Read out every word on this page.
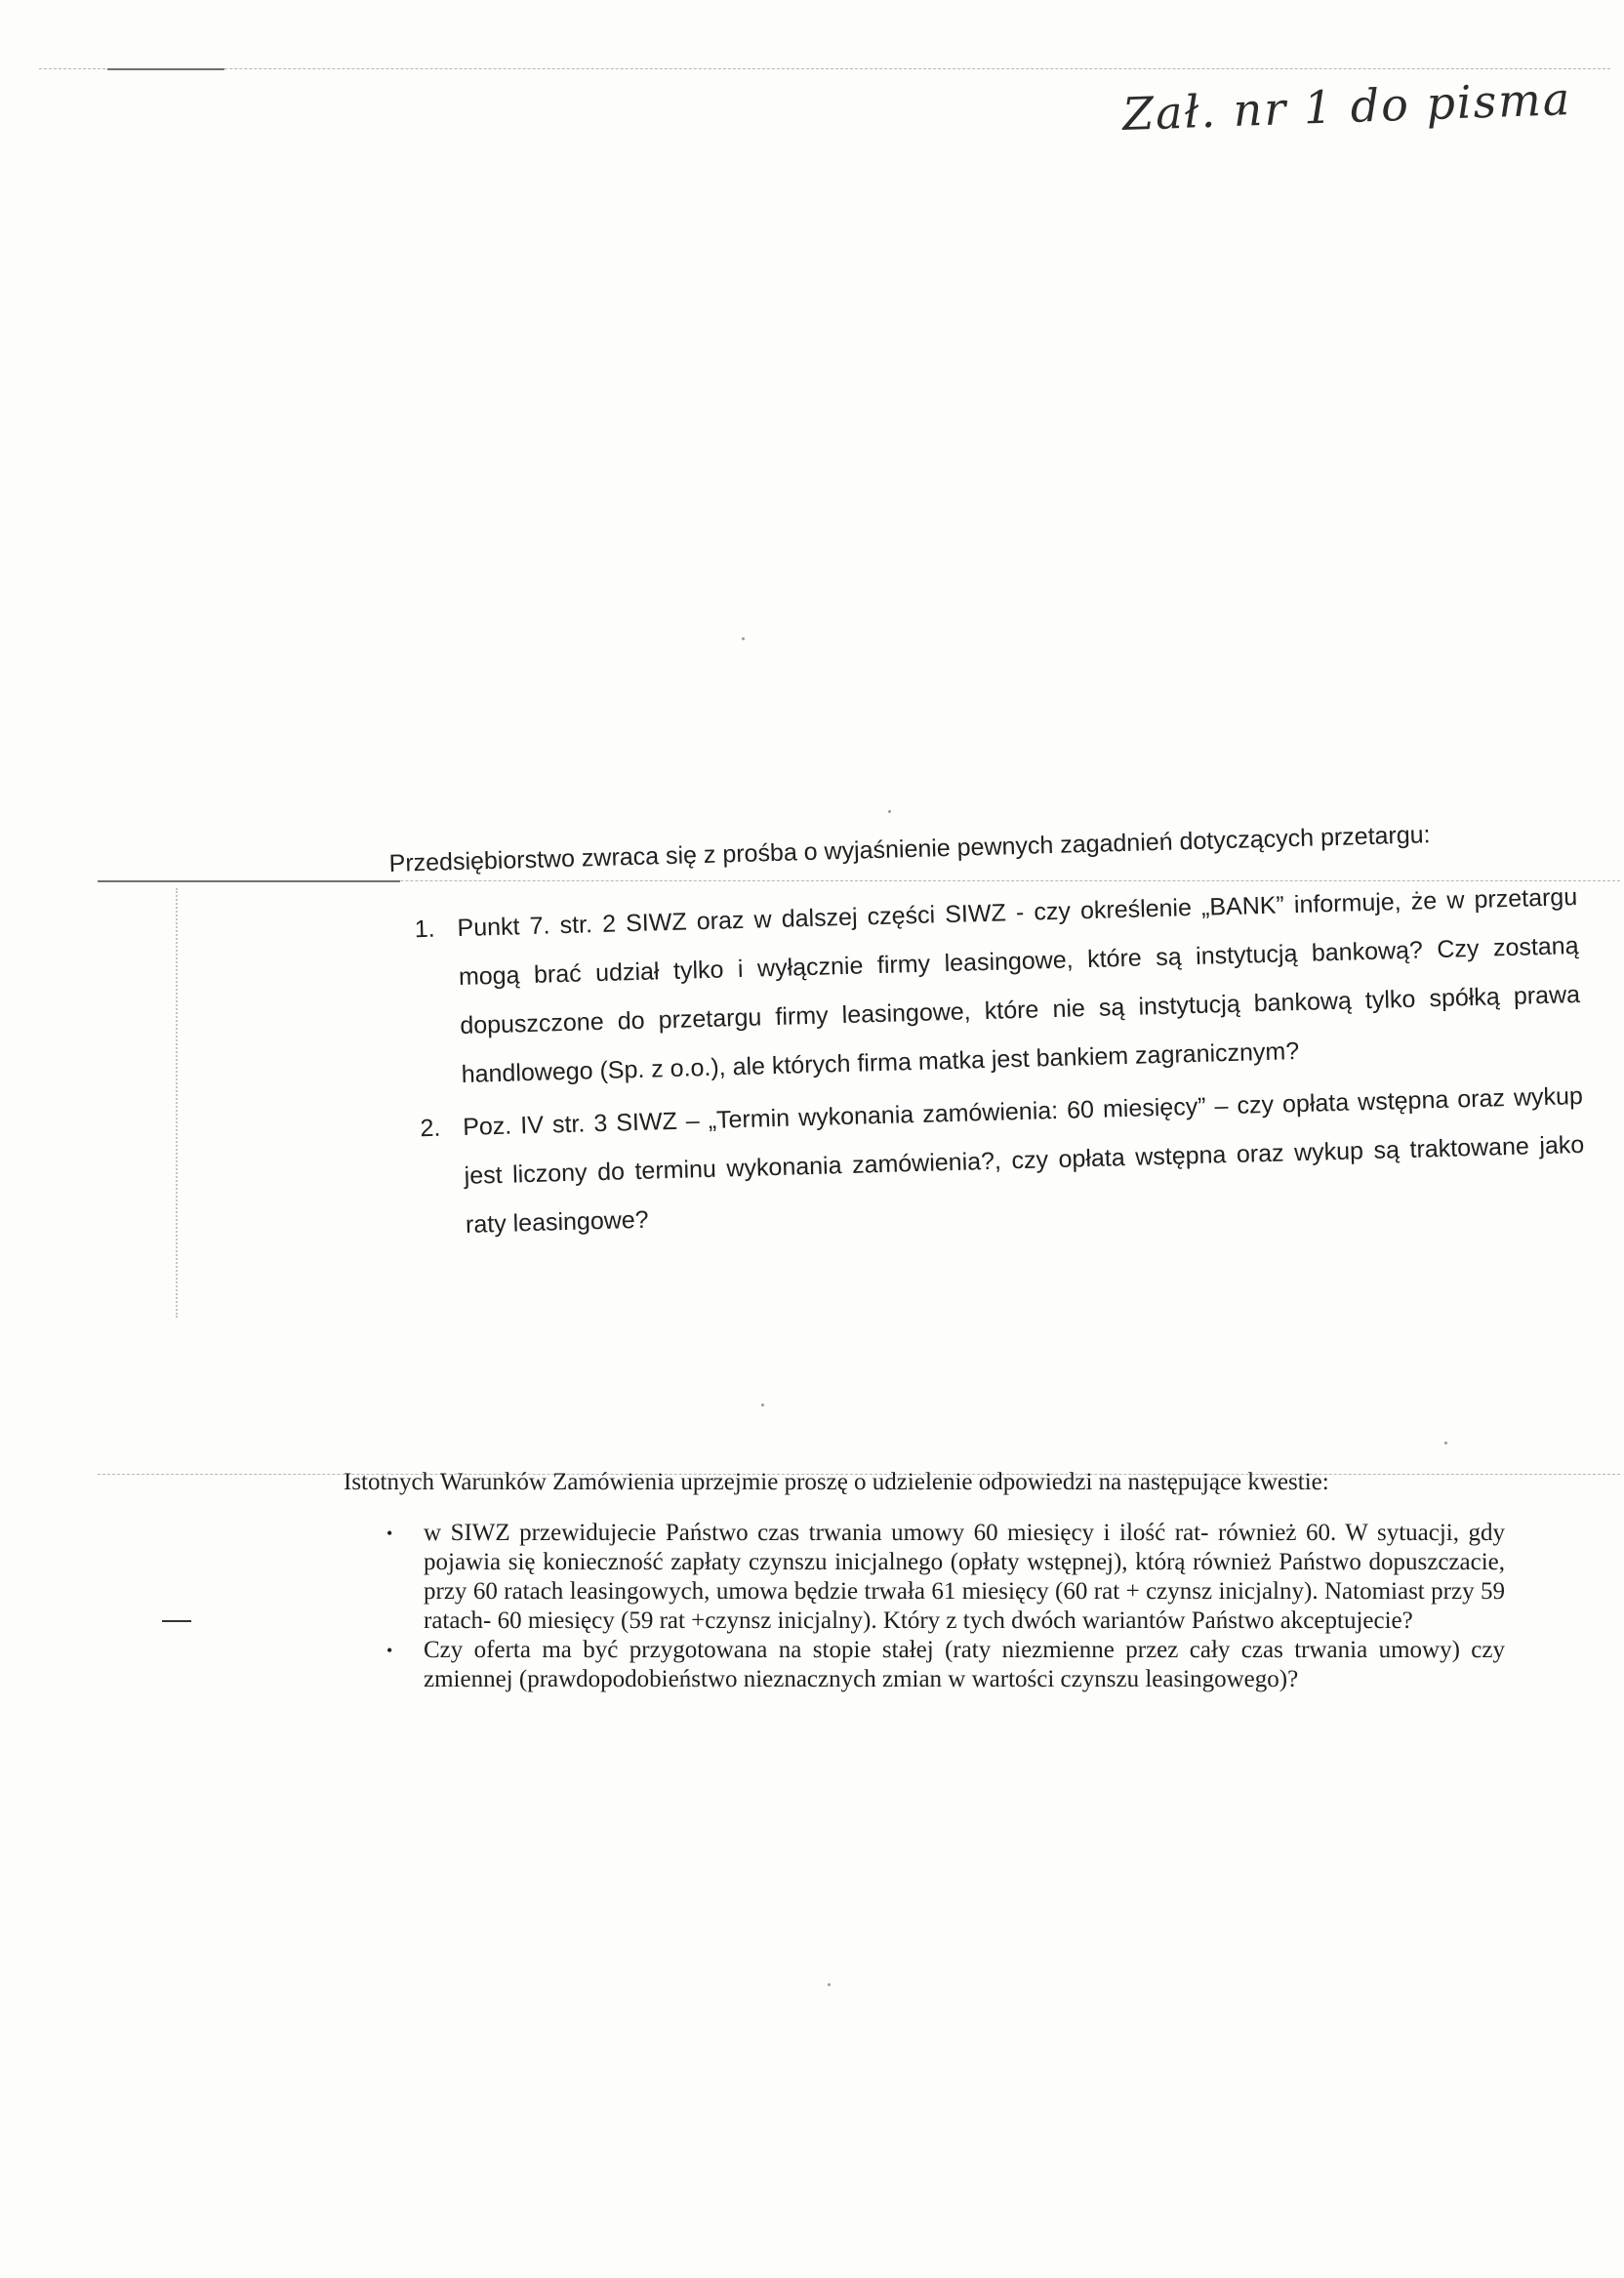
Zał. nr 1 do pisma

Przedsiębiorstwo zwraca się z prośba o wyjaśnienie pewnych zagadnień dotyczących przetargu:

1. Punkt 7. str. 2 SIWZ oraz w dalszej części SIWZ - czy określenie „BANK” informuje, że w przetargu mogą brać udział tylko i wyłącznie firmy leasingowe, które są instytucją bankową? Czy zostaną dopuszczone do przetargu firmy leasingowe, które nie są instytucją bankową tylko spółką prawa handlowego (Sp. z o.o.), ale których firma matka jest bankiem zagranicznym?
2. Poz. IV str. 3 SIWZ – „Termin wykonania zamówienia: 60 miesięcy” – czy opłata wstępna oraz wykup jest liczony do terminu wykonania zamówienia?, czy opłata wstępna oraz wykup są traktowane jako raty leasingowe?

Istotnych Warunków Zamówienia uprzejmie proszę o udzielenie odpowiedzi na następujące kwestie:

• w SIWZ przewidujecie Państwo czas trwania umowy 60 miesięcy i ilość rat- również 60. W sytuacji, gdy pojawia się konieczność zapłaty czynszu inicjalnego (opłaty wstępnej), którą również Państwo dopuszczacie, przy 60 ratach leasingowych, umowa będzie trwała 61 miesięcy (60 rat + czynsz inicjalny). Natomiast przy 59 ratach- 60 miesięcy (59 rat +czynsz inicjalny). Który z tych dwóch wariantów Państwo akceptujecie?
• Czy oferta ma być przygotowana na stopie stałej (raty niezmienne przez cały czas trwania umowy) czy zmiennej (prawdopodobieństwo nieznacznych zmian w wartości czynszu leasingowego)?
